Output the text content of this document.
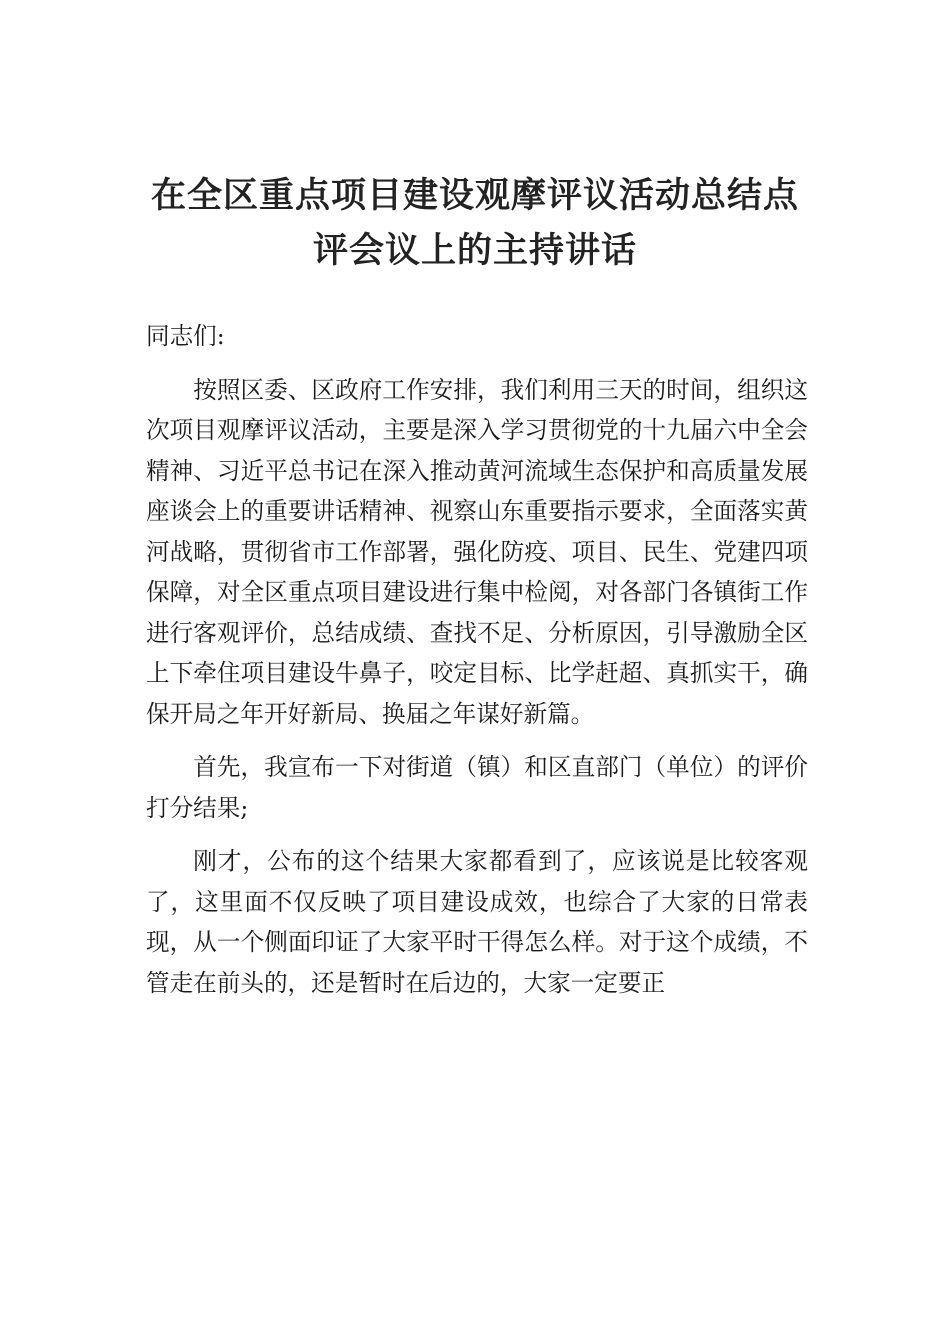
在全区重点项目建设观摩评议活动总结点
评会议上的主持讲话

同志们:

按照区委、区政府工作安排，我们利用三天的时间，组织这次项目观摩评议活动，主要是深入学习贯彻党的十九届六中全会精神、习近平总书记在深入推动黄河流域生态保护和高质量发展座谈会上的重要讲话精神、视察山东重要指示要求，全面落实黄河战略，贯彻省市工作部署，强化防疫、项目、民生、党建四项保障，对全区重点项目建设进行集中检阅，对各部门各镇街工作进行客观评价，总结成绩、查找不足、分析原因，引导激励全区上下牵住项目建设牛鼻子，咬定目标、比学赶超、真抓实干，确保开局之年开好新局、换届之年谋好新篇。

首先，我宣布一下对街道（镇）和区直部门（单位）的评价打分结果;

刚才，公布的这个结果大家都看到了，应该说是比较客观了，这里面不仅反映了项目建设成效，也综合了大家的日常表现，从一个侧面印证了大家平时干得怎么样。对于这个成绩，不管走在前头的，还是暂时在后边的，大家一定要正
